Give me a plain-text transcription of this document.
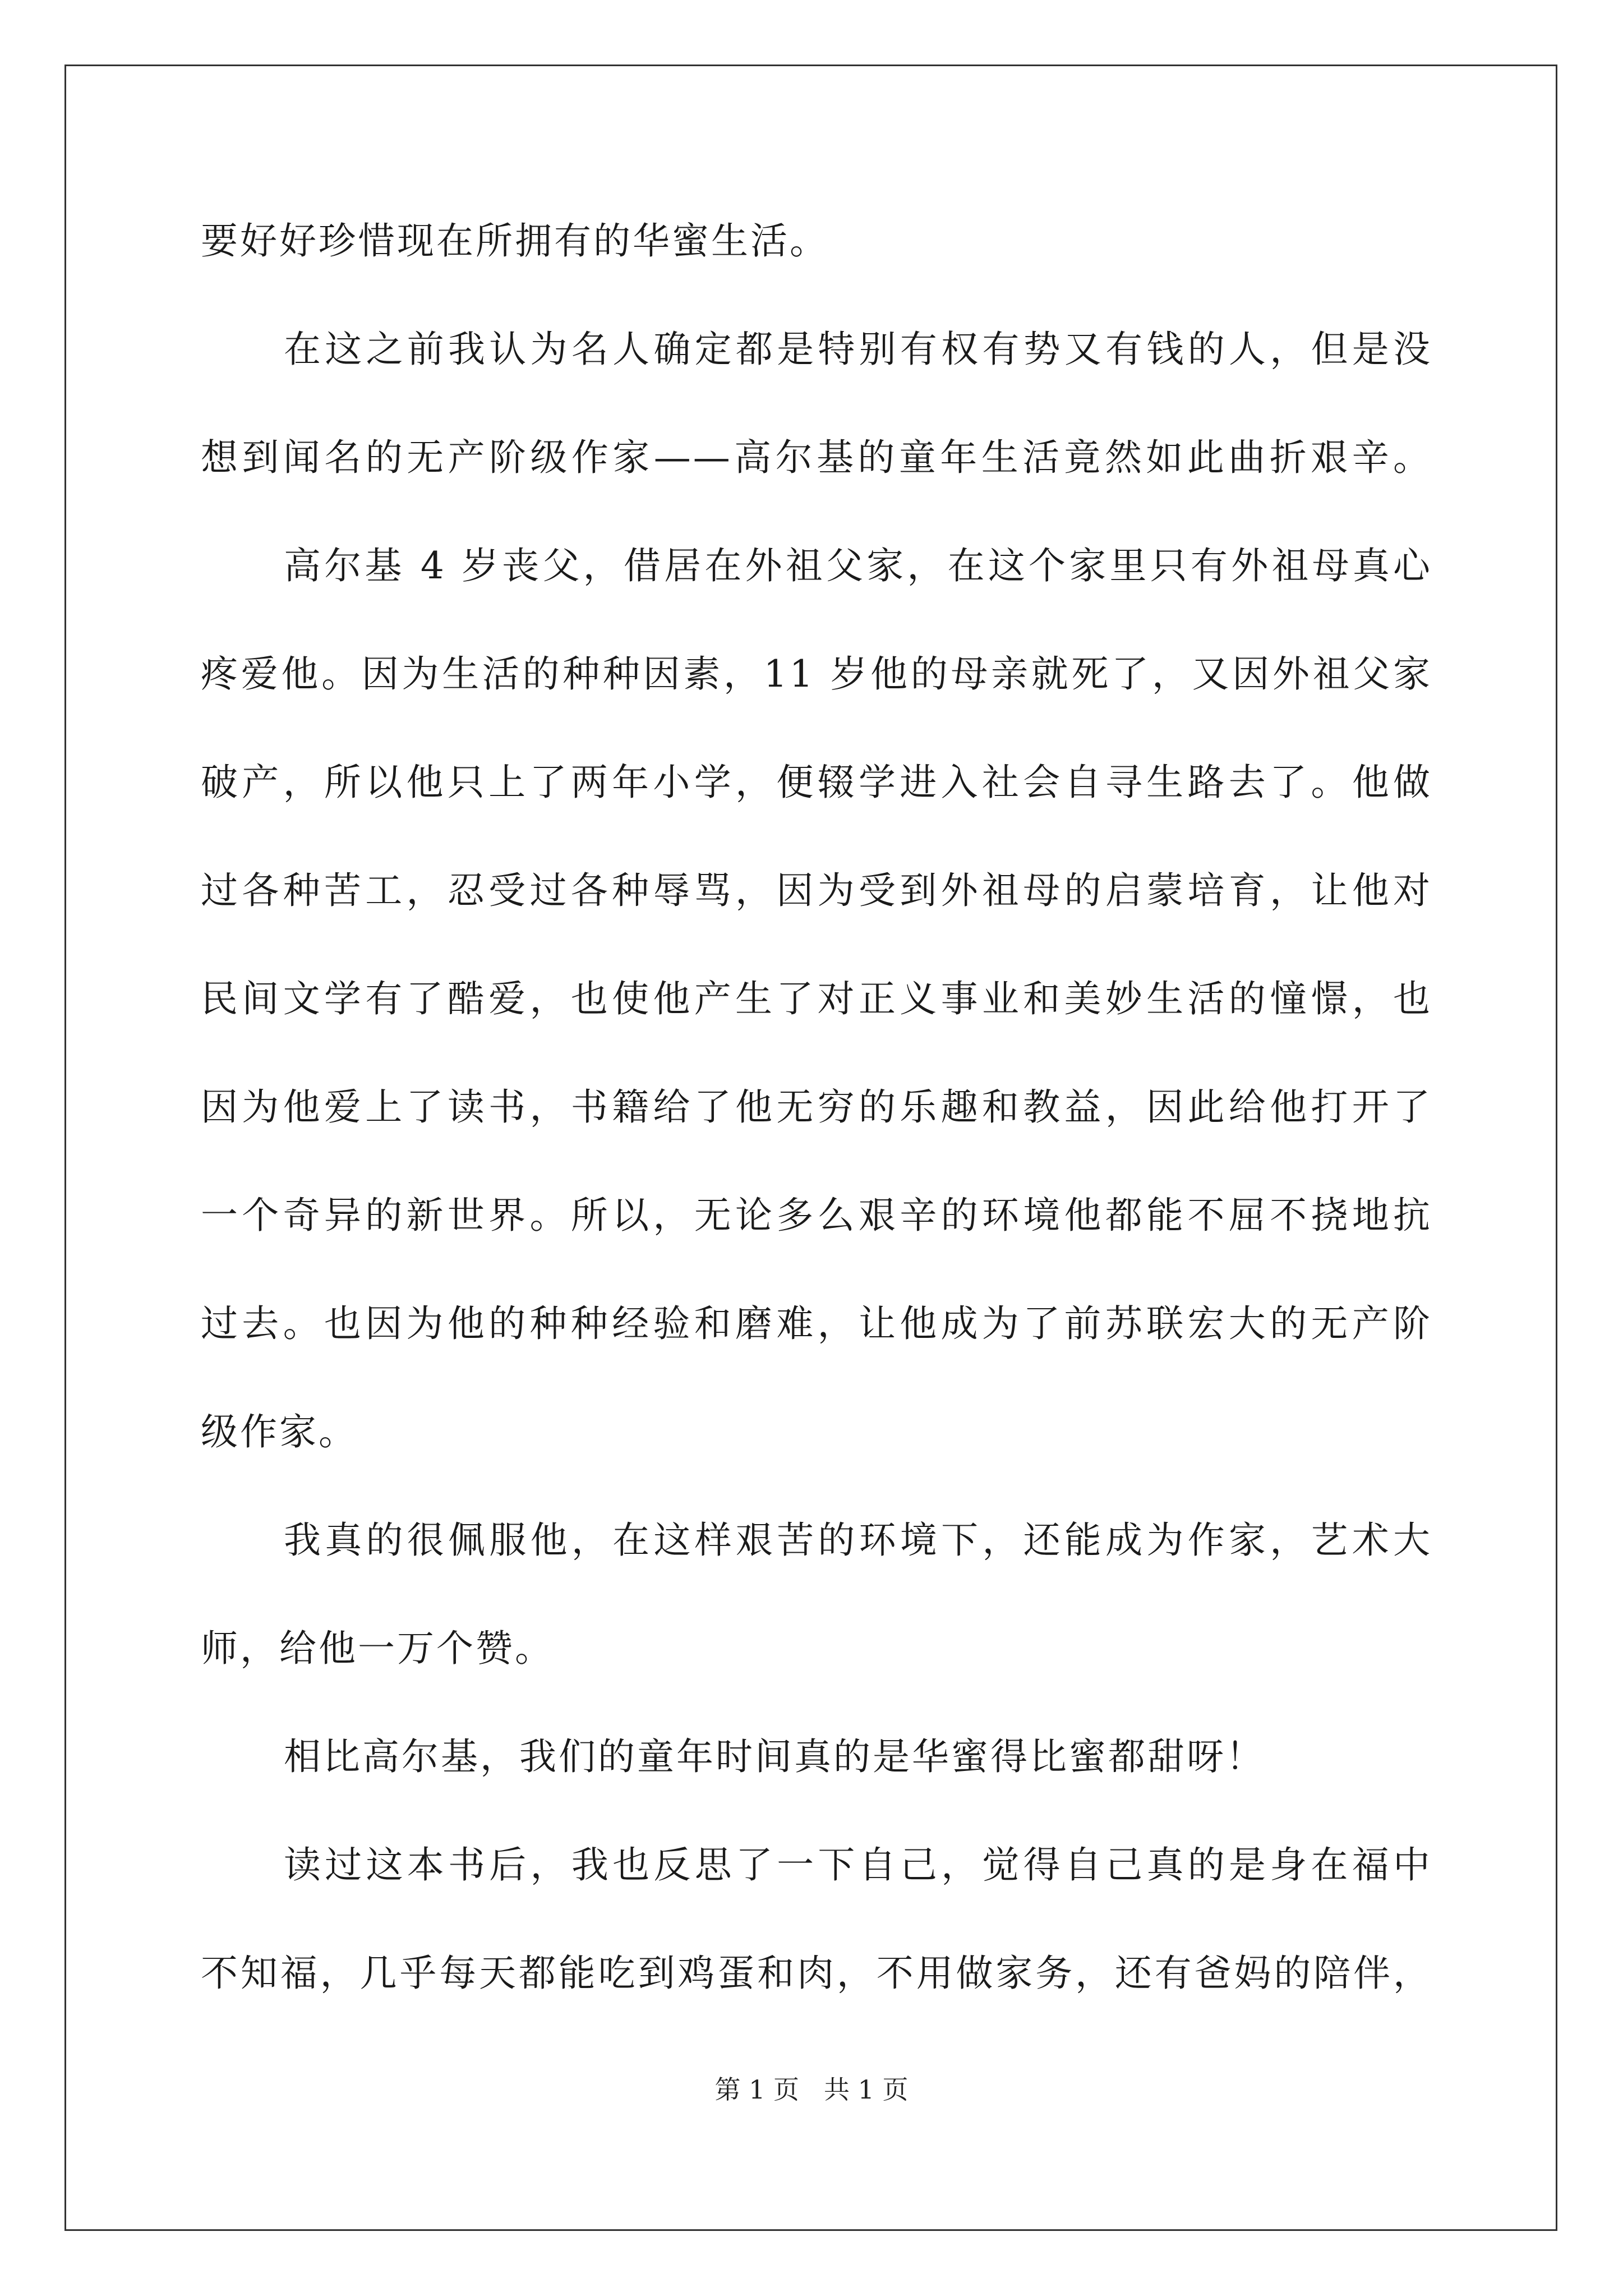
要好好珍惜现在所拥有的华蜜生活。
在这之前我认为名人确定都是特别有权有势又有钱的人，但是没
想到闻名的无产阶级作家——高尔基的童年生活竟然如此曲折艰辛。
高尔基 4 岁丧父，借居在外祖父家，在这个家里只有外祖母真心
疼爱他。因为生活的种种因素，11 岁他的母亲就死了，又因外祖父家
破产，所以他只上了两年小学，便辍学进入社会自寻生路去了。他做
过各种苦工，忍受过各种辱骂，因为受到外祖母的启蒙培育，让他对
民间文学有了酷爱，也使他产生了对正义事业和美妙生活的憧憬，也
因为他爱上了读书，书籍给了他无穷的乐趣和教益，因此给他打开了
一个奇异的新世界。所以，无论多么艰辛的环境他都能不屈不挠地抗
过去。也因为他的种种经验和磨难，让他成为了前苏联宏大的无产阶
级作家。
我真的很佩服他，在这样艰苦的环境下，还能成为作家，艺术大
师，给他一万个赞。
相比高尔基，我们的童年时间真的是华蜜得比蜜都甜呀！
读过这本书后，我也反思了一下自己，觉得自己真的是身在福中
不知福，几乎每天都能吃到鸡蛋和肉，不用做家务，还有爸妈的陪伴，
第 1 页 共 1 页
